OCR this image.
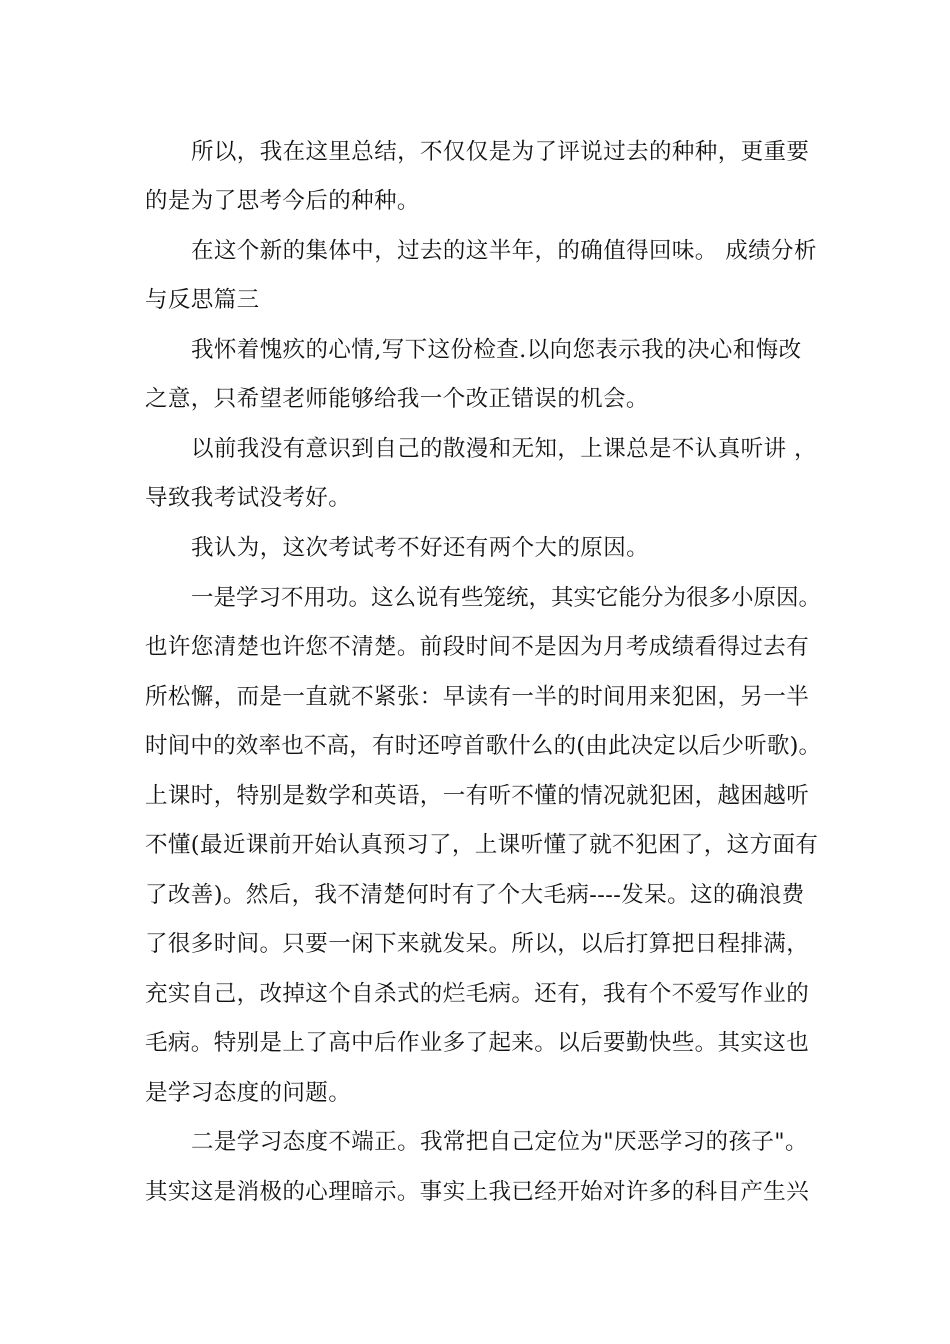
所以，我在这里总结，不仅仅是为了评说过去的种种，更重要
的是为了思考今后的种种。
在这个新的集体中，过去的这半年，的确值得回味。 成绩分析
与反思篇三
我怀着愧疚的心情,写下这份检查.以向您表示我的决心和悔改
之意，只希望老师能够给我一个改正错误的机会。
以前我没有意识到自己的散漫和无知，上课总是不认真听讲 ，
导致我考试没考好。
我认为，这次考试考不好还有两个大的原因。
一是学习不用功。这么说有些笼统，其实它能分为很多小原因。
也许您清楚也许您不清楚。前段时间不是因为月考成绩看得过去有
所松懈，而是一直就不紧张：早读有一半的时间用来犯困，另一半
时间中的效率也不高，有时还哼首歌什么的(由此决定以后少听歌)。
上课时，特别是数学和英语，一有听不懂的情况就犯困，越困越听
不懂(最近课前开始认真预习了，上课听懂了就不犯困了，这方面有
了改善)。然后，我不清楚何时有了个大毛病----发呆。这的确浪费
了很多时间。只要一闲下来就发呆。所以，以后打算把日程排满，
充实自己，改掉这个自杀式的烂毛病。还有，我有个不爱写作业的
毛病。特别是上了高中后作业多了起来。以后要勤快些。其实这也
是学习态度的问题。
二是学习态度不端正。我常把自己定位为"厌恶学习的孩子"。
其实这是消极的心理暗示。事实上我已经开始对许多的科目产生兴
